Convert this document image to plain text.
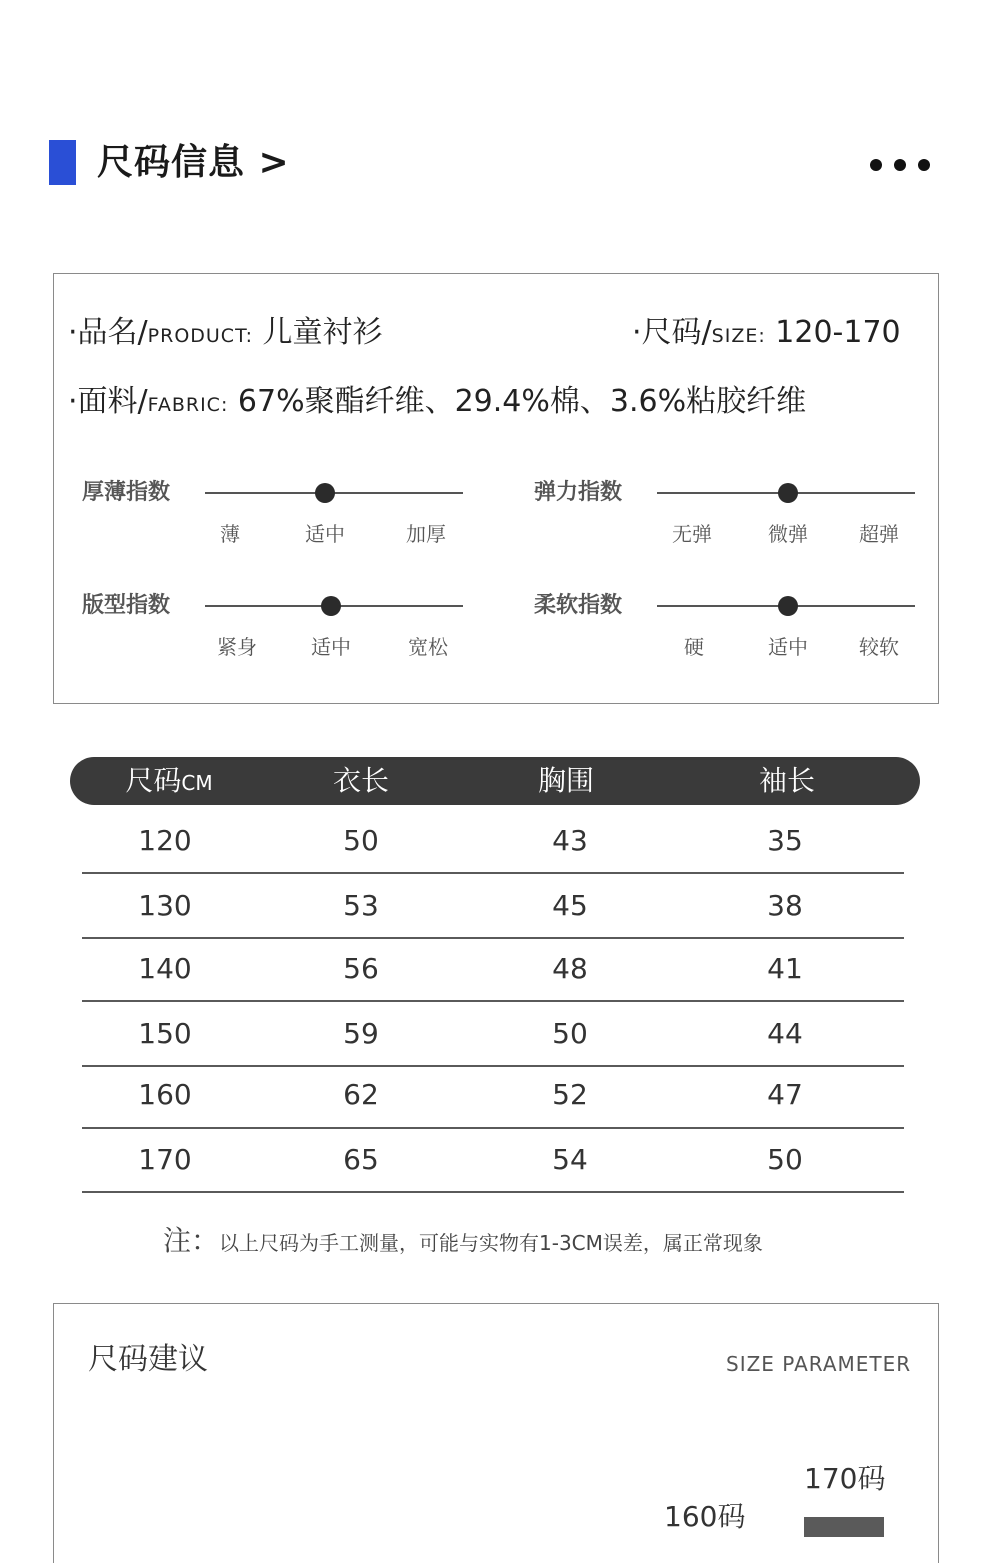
尺码信息 >
·品名/PRODUCT: 儿童衬衫	·尺码/SIZE: 120-170
·面料/FABRIC: 67%聚酯纤维、29.4%棉、3.6%粘胶纤维
厚薄指数
薄	适中	加厚
弹力指数
无弹	微弹	超弹
版型指数
紧身	适中	宽松
柔软指数
硬	适中	较软
尺码CM	衣长	胸围	袖长
120	50	43	35
130	53	45	38
140	56	48	41
150	59	50	44
160	62	52	47
170	65	54	50
注：以上尺码为手工测量，可能与实物有1-3CM误差，属正常现象
尺码建议	SIZE PARAMETER
170码
160码
